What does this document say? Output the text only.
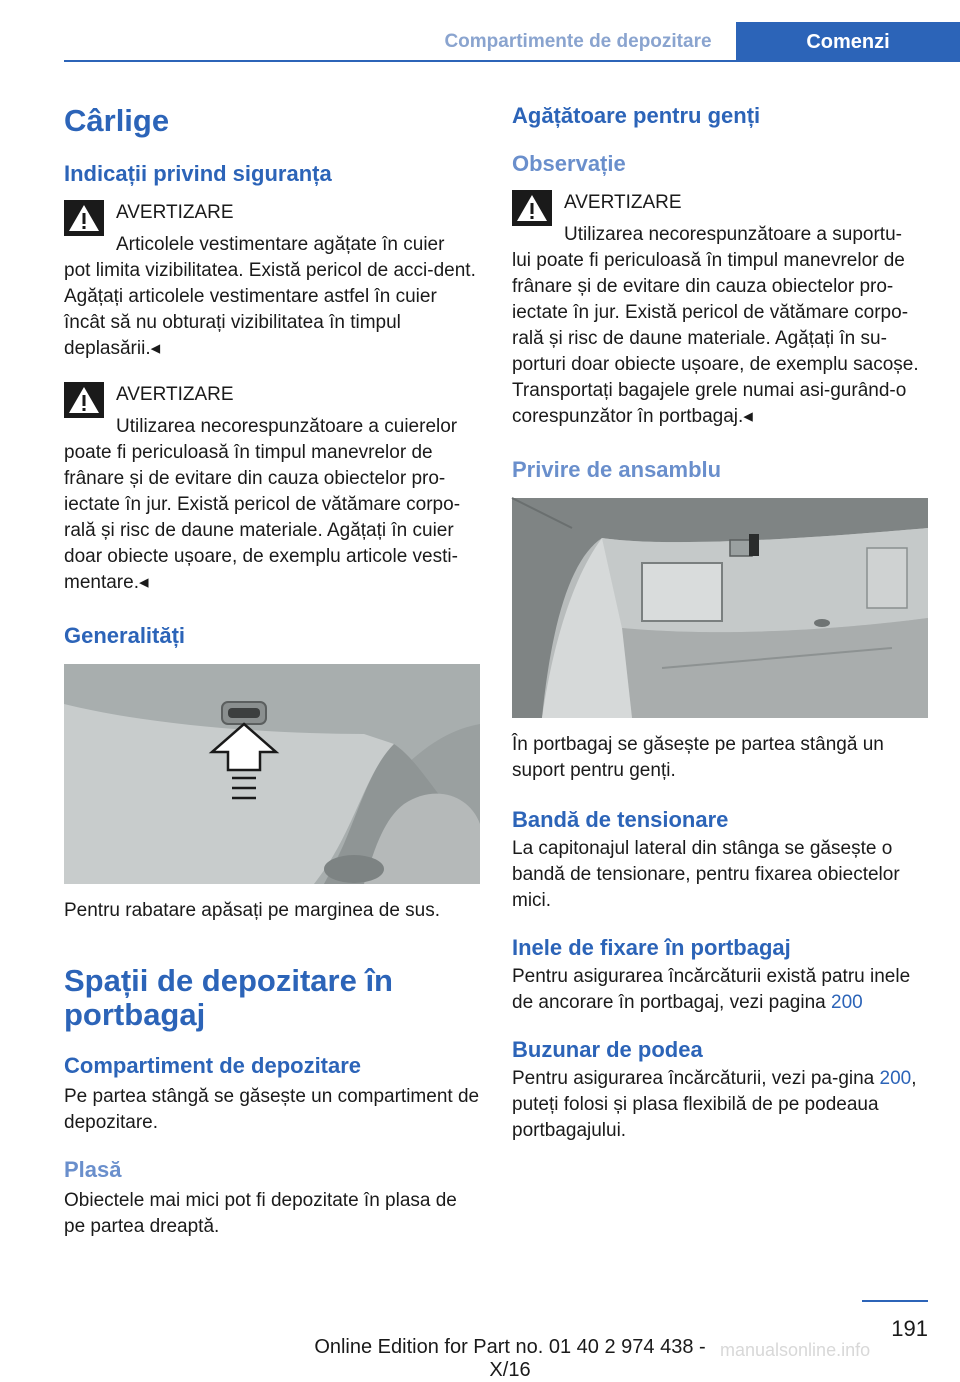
Compartimente de depozitare	Comenzi
Cârlige
Indicații privind siguranța
AVERTIZARE

Articolele vestimentare agățate în cuier
pot limita vizibilitatea. Există pericol de acci-dent. Agățați articolele vestimentare astfel în cuier încât să nu obturați vizibilitatea în timpul deplasării.◂

AVERTIZARE

Utilizarea necorespunzătoare a cuierelor
poate fi periculoasă în timpul manevrelor de frânare și de evitare din cauza obiectelor pro-iectate în jur. Există pericol de vătămare corpo-rală și risc de daune materiale. Agățați în cuier doar obiecte ușoare, de exemplu articole vesti-mentare.◂

Generalități

Pentru rabatare apăsați pe marginea de sus.

Spații de depozitare în portbagaj
Compartiment de depozitare

Pe partea stângă se găsește un compartiment de depozitare.

Plasă

Obiectele mai mici pot fi depozitate în plasa de pe partea dreaptă.

Agățătoare pentru genți
Observație
AVERTIZARE

Utilizarea necorespunzătoare a suportu-
lui poate fi periculoasă în timpul manevrelor de frânare și de evitare din cauza obiectelor pro-iectate în jur. Există pericol de vătămare corpo-rală și risc de daune materiale. Agățați în su-porturi doar obiecte ușoare, de exemplu sacoșe. Transportați bagajele grele numai asi-gurând-o corespunzător în portbagaj.◂

Privire de ansamblu

În portbagaj se găsește pe partea stângă un suport pentru genți.

Bandă de tensionare

La capitonajul lateral din stânga se găsește o bandă de tensionare, pentru fixarea obiectelor mici.

Inele de fixare în portbagaj

Pentru asigurarea încărcăturii există patru inele de ancorare în portbagaj, vezi pagina 200

Buzunar de podea

Pentru asigurarea încărcăturii, vezi pa-gina 200, puteți folosi și plasa flexibilă de pe podeaua portbagajului.

191
Online Edition for Part no. 01 40 2 974 438 - X/16
manualsonline.info
